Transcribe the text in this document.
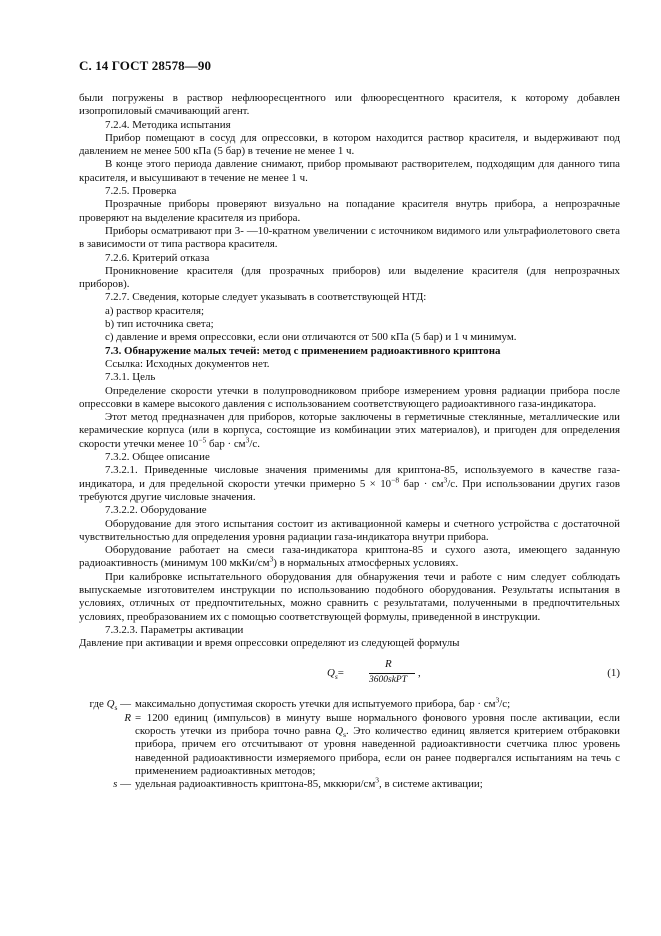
С. 14 ГОСТ 28578—90

были погружены в раствор нефлюоресцентного или флюоресцентного красителя, к которому добавлен изопропиловый смачивающий агент.

7.2.4. Методика испытания

Прибор помещают в сосуд для опрессовки, в котором находится раствор красителя, и выдерживают под давлением не менее 500 кПа (5 бар) в течение не менее 1 ч.

В конце этого периода давление снимают, прибор промывают растворителем, подходящим для данного типа красителя, и высушивают в течение не менее 1 ч.

7.2.5. Проверка

Прозрачные приборы проверяют визуально на попадание красителя внутрь прибора, а непрозрачные проверяют на выделение красителя из прибора.

Приборы осматривают при 3- —10-кратном увеличении с источником видимого или ультрафиолетового света в зависимости от типа раствора красителя.

7.2.6. Критерий отказа

Проникновение красителя (для прозрачных приборов) или выделение красителя (для непрозрачных приборов).

7.2.7. Сведения, которые следует указывать в соответствующей НТД:

a) раствор красителя;

b) тип источника света;

c) давление и время опрессовки, если они отличаются от 500 кПа (5 бар) и 1 ч минимум.

7.3. Обнаружение малых течей: метод с применением радиоактивного криптона

Ссылка: Исходных документов нет.

7.3.1. Цель

Определение скорости утечки в полупроводниковом приборе измерением уровня радиации прибора после опрессовки в камере высокого давления с использованием соответствующего радиоактивного газа-индикатора.

Этот метод предназначен для приборов, которые заключены в герметичные стеклянные, металлические или керамические корпуса (или в корпуса, состоящие из комбинации этих материалов), и пригоден для определения скорости утечки менее $10^{-5}$ бар · $см^3/с$.

7.3.2. Общее описание

7.3.2.1. Приведенные числовые значения применимы для криптона-85, используемого в качестве газа-индикатора, и для предельной скорости утечки примерно $5 \times 10^{-8}$ бар · $см^3/с$. При использовании других газов требуются другие числовые значения.

7.3.2.2. Оборудование

Оборудование для этого испытания состоит из активационной камеры и счетного устройства с достаточной чувствительностью для определения уровня радиации газа-индикатора внутри прибора.

Оборудование работает на смеси газа-индикатора криптона-85 и сухого азота, имеющего заданную радиоактивность (минимум 100 мкКи/$см^3$) в нормальных атмосферных условиях.

При калибровке испытательного оборудования для обнаружения течи и работе с ним следует соблюдать выпускаемые изготовителем инструкции по использованию подобного оборудования. Результаты испытания в условиях, отличных от предпочтительных, можно сравнить с результатами, полученными в предпочтительных условиях, преобразованием их с помощью соответствующей формулы, приведенной в инструкции.

7.3.2.3. Параметры активации

Давление при активации и время опрессовки определяют из следующей формулы

$Q_s=$
R
3600skPT
,	(1)
где $Q_s$ — максимально допустимая скорость утечки для испытуемого прибора, бар · $см^3/с$;
R = 1200 единиц (импульсов) в минуту выше нормального фонового уровня после активации, если скорость утечки из прибора точно равна $Q_s$. Это количество единиц является критерием отбраковки прибора, причем его отсчитывают от уровня наведенной радиоактивности счетчика плюс уровень наведенной радиоактивности измеряемого прибора, если он ранее подвергался испытаниям на течь с применением радиоактивных методов;
s — удельная радиоактивность криптона-85, мккюри/$см^3$, в системе активации;
